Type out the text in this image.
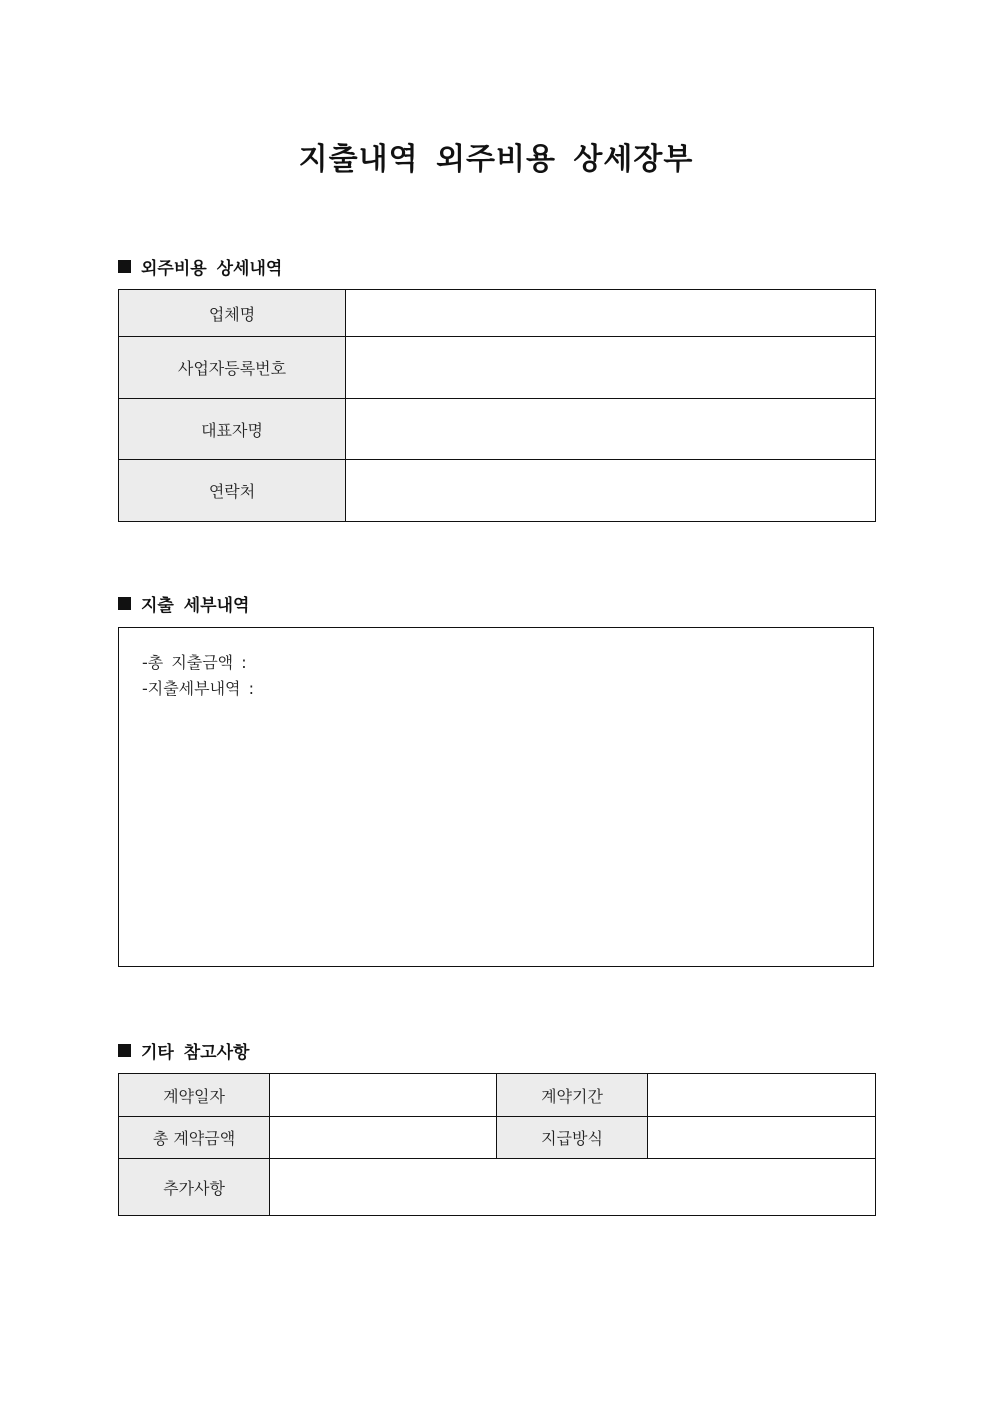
지출내역 외주비용 상세장부
외주비용 상세내역
업체명	
사업자등록번호	
대표자명	
연락처	
지출 세부내역
-총 지출금액 :
-지출세부내역 :
기타 참고사항
계약일자		계약기간	
총 계약금액		지급방식	
추가사항			
